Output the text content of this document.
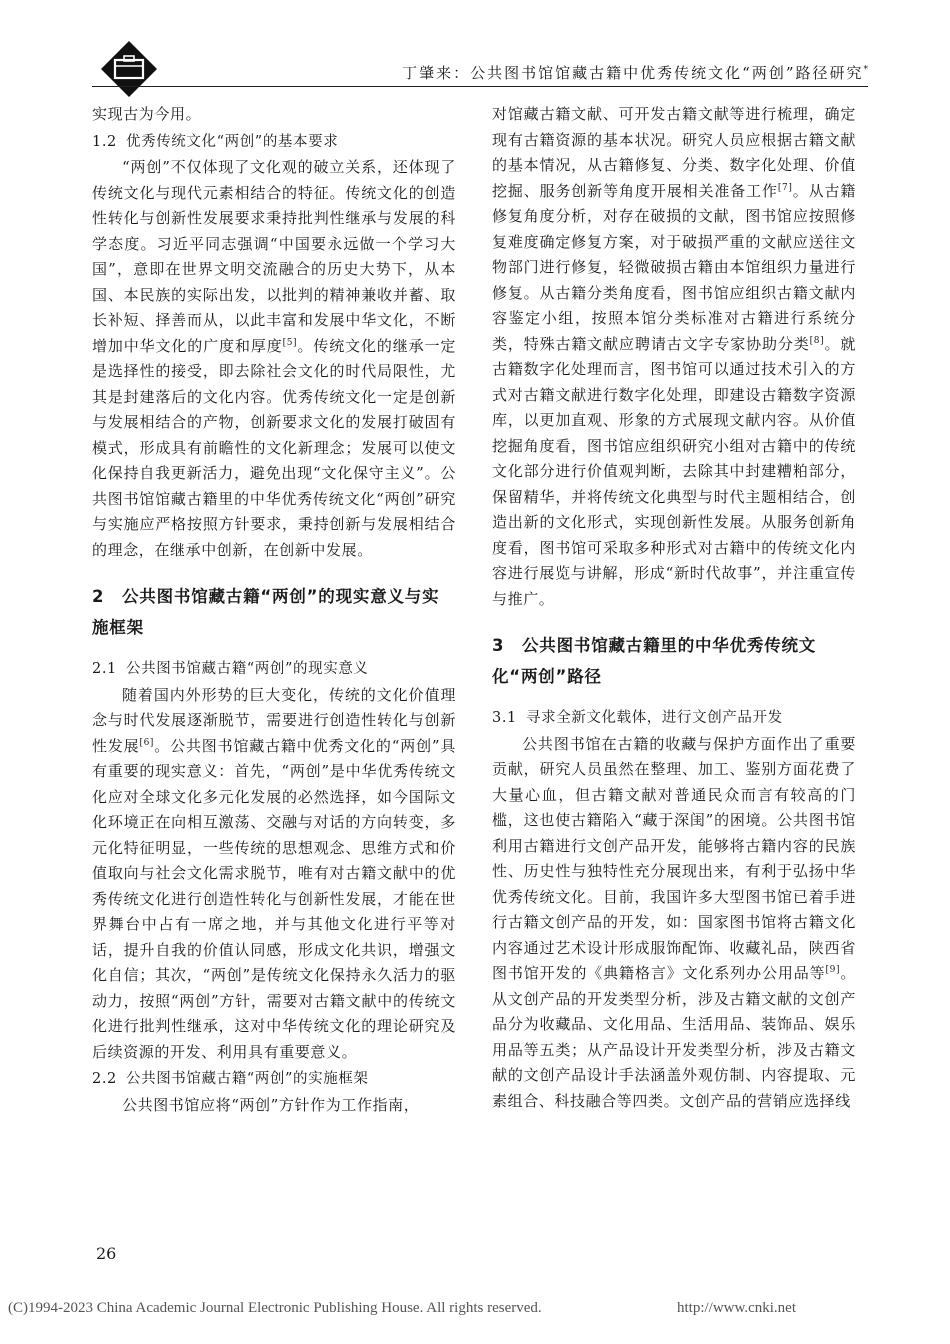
丁肇来：公共图书馆馆藏古籍中优秀传统文化“两创”路径研究*

实现古为今用。

1.2 优秀传统文化“两创”的基本要求

“两创”不仅体现了文化观的破立关系，还体现了传统文化与现代元素相结合的特征。传统文化的创造性转化与创新性发展要求秉持批判性继承与发展的科学态度。习近平同志强调“中国要永远做一个学习大国”，意即在世界文明交流融合的历史大势下，从本国、本民族的实际出发，以批判的精神兼收并蓄、取长补短、择善而从，以此丰富和发展中华文化，不断增加中华文化的广度和厚度[5]。传统文化的继承一定是选择性的接受，即去除社会文化的时代局限性，尤其是封建落后的文化内容。优秀传统文化一定是创新与发展相结合的产物，创新要求文化的发展打破固有模式，形成具有前瞻性的文化新理念；发展可以使文化保持自我更新活力，避免出现“文化保守主义”。公共图书馆馆藏古籍里的中华优秀传统文化“两创”研究与实施应严格按照方针要求，秉持创新与发展相结合的理念，在继承中创新，在创新中发展。

2 公共图书馆藏古籍“两创”的现实意义与实施框架
2.1 公共图书馆藏古籍“两创”的现实意义

随着国内外形势的巨大变化，传统的文化价值理念与时代发展逐渐脱节，需要进行创造性转化与创新性发展[6]。公共图书馆藏古籍中优秀文化的“两创”具有重要的现实意义：首先，“两创”是中华优秀传统文化应对全球文化多元化发展的必然选择，如今国际文化环境正在向相互激荡、交融与对话的方向转变，多元化特征明显，一些传统的思想观念、思维方式和价值取向与社会文化需求脱节，唯有对古籍文献中的优秀传统文化进行创造性转化与创新性发展，才能在世界舞台中占有一席之地，并与其他文化进行平等对话，提升自我的价值认同感，形成文化共识，增强文化自信；其次，“两创”是传统文化保持永久活力的驱动力，按照“两创”方针，需要对古籍文献中的传统文化进行批判性继承，这对中华传统文化的理论研究及后续资源的开发、利用具有重要意义。

2.2 公共图书馆藏古籍“两创”的实施框架

公共图书馆应将“两创”方针作为工作指南，

对馆藏古籍文献、可开发古籍文献等进行梳理，确定现有古籍资源的基本状况。研究人员应根据古籍文献的基本情况，从古籍修复、分类、数字化处理、价值挖掘、服务创新等角度开展相关准备工作[7]。从古籍修复角度分析，对存在破损的文献，图书馆应按照修复难度确定修复方案，对于破损严重的文献应送往文物部门进行修复，轻微破损古籍由本馆组织力量进行修复。从古籍分类角度看，图书馆应组织古籍文献内容鉴定小组，按照本馆分类标准对古籍进行系统分类，特殊古籍文献应聘请古文字专家协助分类[8]。就古籍数字化处理而言，图书馆可以通过技术引入的方式对古籍文献进行数字化处理，即建设古籍数字资源库，以更加直观、形象的方式展现文献内容。从价值挖掘角度看，图书馆应组织研究小组对古籍中的传统文化部分进行价值观判断，去除其中封建糟粕部分，保留精华，并将传统文化典型与时代主题相结合，创造出新的文化形式，实现创新性发展。从服务创新角度看，图书馆可采取多种形式对古籍中的传统文化内容进行展览与讲解，形成“新时代故事”，并注重宣传与推广。

3 公共图书馆藏古籍里的中华优秀传统文化“两创”路径
3.1 寻求全新文化载体，进行文创产品开发

公共图书馆在古籍的收藏与保护方面作出了重要贡献，研究人员虽然在整理、加工、鉴别方面花费了大量心血，但古籍文献对普通民众而言有较高的门槛，这也使古籍陷入“藏于深闺”的困境。公共图书馆利用古籍进行文创产品开发，能够将古籍内容的民族性、历史性与独特性充分展现出来，有利于弘扬中华优秀传统文化。目前，我国许多大型图书馆已着手进行古籍文创产品的开发，如：国家图书馆将古籍文化内容通过艺术设计形成服饰配饰、收藏礼品，陕西省图书馆开发的《典籍格言》文化系列办公用品等[9]。从文创产品的开发类型分析，涉及古籍文献的文创产品分为收藏品、文化用品、生活用品、装饰品、娱乐用品等五类；从产品设计开发类型分析，涉及古籍文献的文创产品设计手法涵盖外观仿制、内容提取、元素组合、科技融合等四类。文创产品的营销应选择线

26
(C)1994-2023 China Academic Journal Electronic Publishing House. All rights reserved.	http://www.cnki.net
